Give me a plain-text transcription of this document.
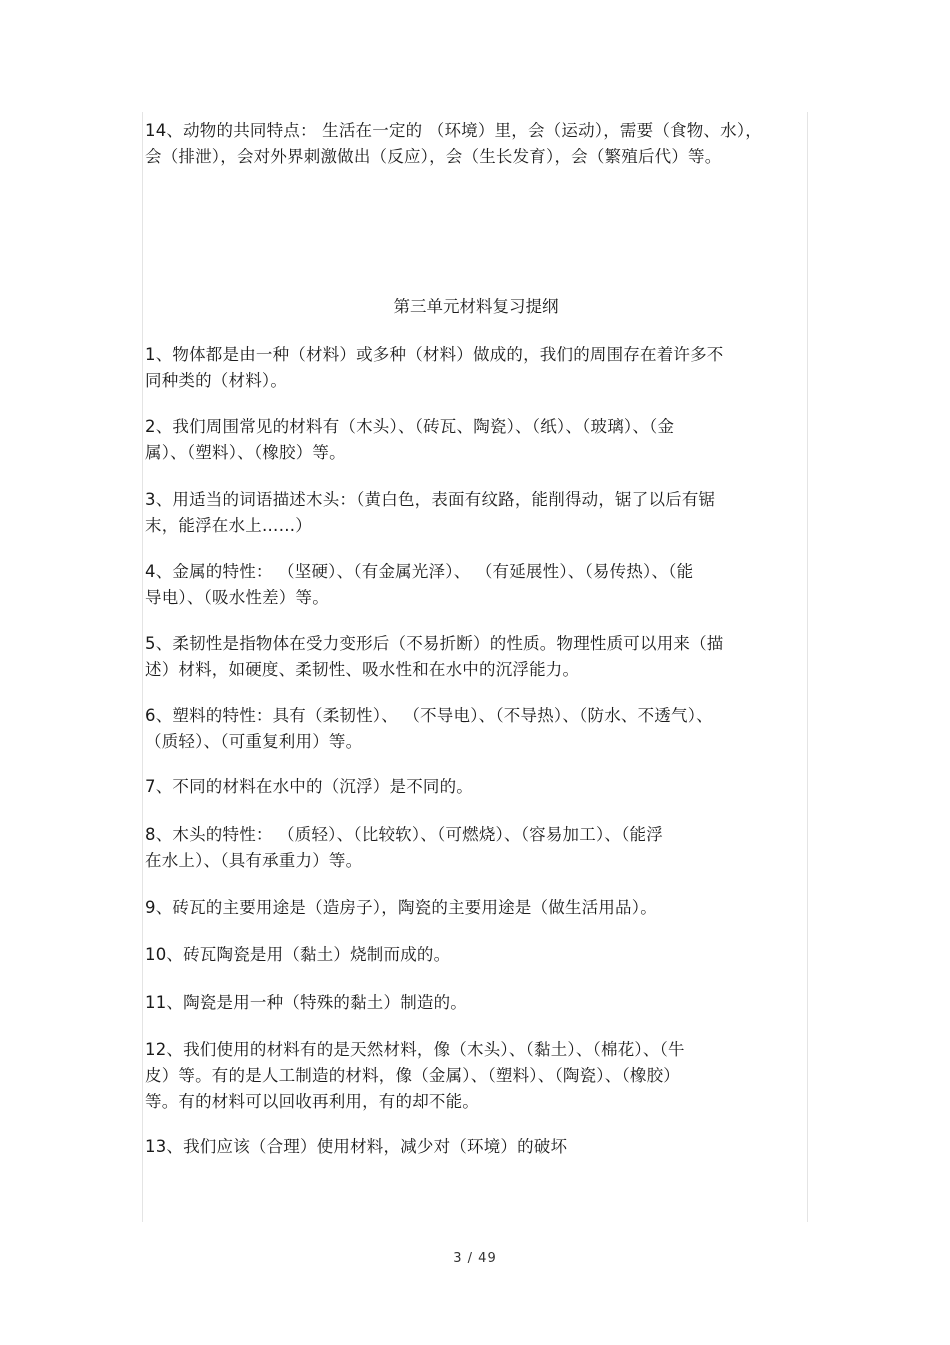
14、动物的共同特点： 生活在一定的 （环境）里，会（运动），需要（食物、水），
会（排泄），会对外界刺激做出（反应），会（生长发育），会（繁殖后代）等。

第三单元材料复习提纲

1、物体都是由一种（材料）或多种（材料）做成的，我们的周围存在着许多不
同种类的（材料）。

2、我们周围常见的材料有（木头）、（砖瓦、陶瓷）、（纸）、（玻璃）、（金
属）、（塑料）、（橡胶）等。

3、用适当的词语描述木头：（黄白色，表面有纹路，能削得动，锯了以后有锯
末，能浮在水上……）

4、金属的特性： （坚硬）、（有金属光泽）、 （有延展性）、（易传热）、（能
导电）、（吸水性差）等。

5、柔韧性是指物体在受力变形后（不易折断）的性质。物理性质可以用来（描
述）材料，如硬度、柔韧性、吸水性和在水中的沉浮能力。

6、塑料的特性：具有（柔韧性）、 （不导电）、（不导热）、（防水、不透气）、
（质轻）、（可重复利用）等。

7、不同的材料在水中的（沉浮）是不同的。

8、木头的特性： （质轻）、（比较软）、（可燃烧）、（容易加工）、（能浮
在水上）、（具有承重力）等。

9、砖瓦的主要用途是（造房子），陶瓷的主要用途是（做生活用品）。

10、砖瓦陶瓷是用（黏土）烧制而成的。

11、陶瓷是用一种（特殊的黏土）制造的。

12、我们使用的材料有的是天然材料，像（木头）、（黏土）、（棉花）、（牛
皮）等。有的是人工制造的材料，像（金属）、（塑料）、（陶瓷）、（橡胶）
等。有的材料可以回收再利用，有的却不能。

13、我们应该（合理）使用材料，减少对（环境）的破坏

3 / 49
